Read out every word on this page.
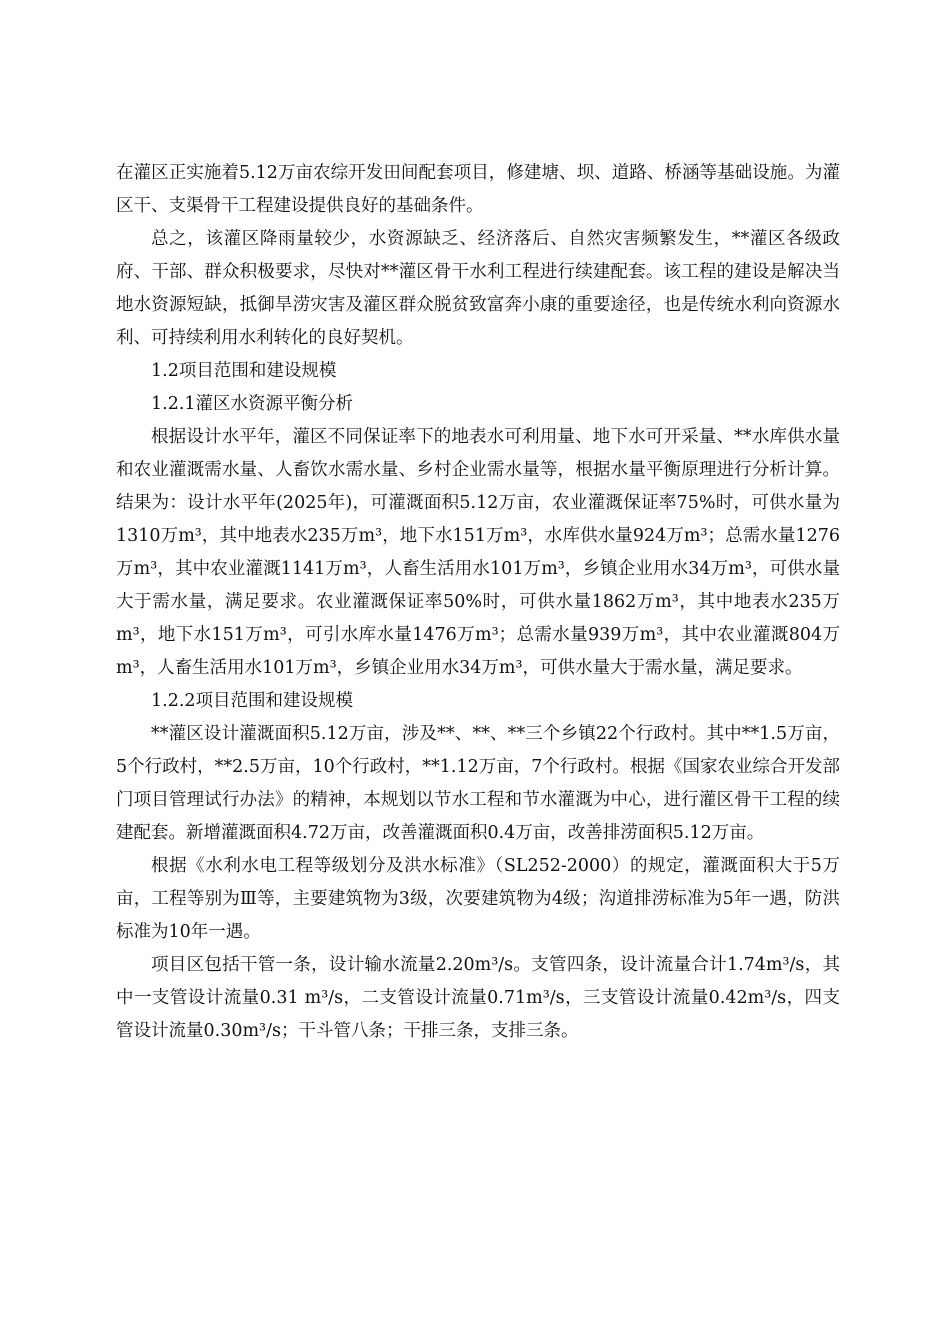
在灌区正实施着5.12万亩农综开发田间配套项目，修建塘、坝、道路、桥涵等基础设施。为灌区干、支渠骨干工程建设提供良好的基础条件。

总之，该灌区降雨量较少，水资源缺乏、经济落后、自然灾害频繁发生，**灌区各级政府、干部、群众积极要求，尽快对**灌区骨干水利工程进行续建配套。该工程的建设是解决当地水资源短缺，抵御旱涝灾害及灌区群众脱贫致富奔小康的重要途径，也是传统水利向资源水利、可持续利用水利转化的良好契机。

1.2项目范围和建设规模

1.2.1灌区水资源平衡分析

根据设计水平年，灌区不同保证率下的地表水可利用量、地下水可开采量、**水库供水量和农业灌溉需水量、人畜饮水需水量、乡村企业需水量等，根据水量平衡原理进行分析计算。结果为：设计水平年(2025年)，可灌溉面积5.12万亩，农业灌溉保证率75%时，可供水量为1310万m³，其中地表水235万m³，地下水151万m³，水库供水量924万m³；总需水量1276万m³，其中农业灌溉1141万m³，人畜生活用水101万m³，乡镇企业用水34万m³，可供水量大于需水量，满足要求。农业灌溉保证率50%时，可供水量1862万m³，其中地表水235万m³，地下水151万m³，可引水库水量1476万m³；总需水量939万m³，其中农业灌溉804万m³，人畜生活用水101万m³，乡镇企业用水34万m³，可供水量大于需水量，满足要求。

1.2.2项目范围和建设规模

**灌区设计灌溉面积5.12万亩，涉及**、**、**三个乡镇22个行政村。其中**1.5万亩，5个行政村，**2.5万亩，10个行政村，**1.12万亩，7个行政村。根据《国家农业综合开发部门项目管理试行办法》的精神，本规划以节水工程和节水灌溉为中心，进行灌区骨干工程的续建配套。新增灌溉面积4.72万亩，改善灌溉面积0.4万亩，改善排涝面积5.12万亩。

根据《水利水电工程等级划分及洪水标准》（SL252-2000）的规定，灌溉面积大于5万亩，工程等别为Ⅲ等，主要建筑物为3级，次要建筑物为4级；沟道排涝标准为5年一遇，防洪标准为10年一遇。

项目区包括干管一条，设计输水流量2.20m³/s。支管四条，设计流量合计1.74m³/s，其中一支管设计流量0.31 m³/s，二支管设计流量0.71m³/s，三支管设计流量0.42m³/s，四支管设计流量0.30m³/s；干斗管八条；干排三条，支排三条。
